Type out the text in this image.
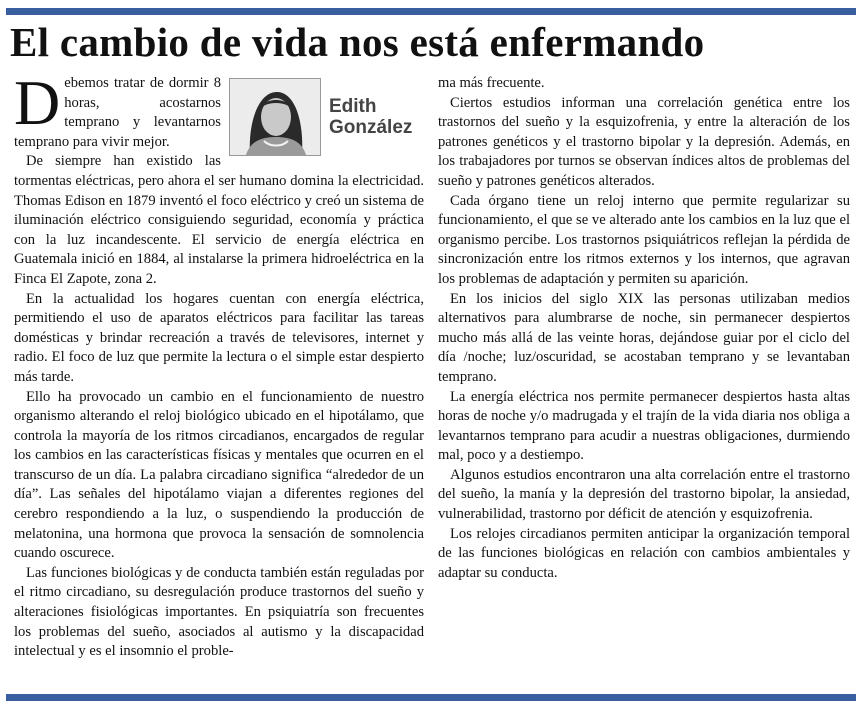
El cambio de vida nos está enfermando
Edith
González

Debemos tratar de dormir 8 horas, acostarnos temprano y levantarnos temprano para vivir mejor.

De siempre han existido las tormentas eléctricas, pero ahora el ser humano domina la electricidad. Thomas Edison en 1879 inventó el foco eléctrico y creó un sistema de iluminación eléctrico consiguiendo seguridad, economía y práctica con la luz incandescente. El servicio de energía eléctrica en Guatemala inició en 1884, al instalarse la primera hidroeléctrica en la Finca El Zapote, zona 2.

En la actualidad los hogares cuentan con energía eléctrica, permitiendo el uso de aparatos eléctricos para facilitar las tareas domésticas y brindar recreación a través de televisores, internet y radio. El foco de luz que permite la lectura o el simple estar despierto más tarde.

Ello ha provocado un cambio en el funcionamiento de nuestro organismo alterando el reloj biológico ubicado en el hipotálamo, que controla la mayoría de los ritmos circadianos, encargados de regular los cambios en las características físicas y mentales que ocurren en el transcurso de un día. La palabra circadiano significa “alrededor de un día”. Las señales del hipotálamo viajan a diferentes regiones del cerebro respondiendo a la luz, o suspendiendo la producción de melatonina, una hormona que provoca la sensación de somnolencia cuando oscurece.

Las funciones biológicas y de conducta también están reguladas por el ritmo circadiano, su desregulación produce trastornos del sueño y alteraciones fisiológicas importantes. En psiquiatría son frecuentes los problemas del sueño, asociados al autismo y la discapacidad intelectual y es el insomnio el proble-

ma más frecuente.

Ciertos estudios informan una correlación genética entre los trastornos del sueño y la esquizofrenia, y entre la alteración de los patrones genéticos y el trastorno bipolar y la depresión. Además, en los trabajadores por turnos se observan índices altos de problemas del sueño y patrones genéticos alterados.

Cada órgano tiene un reloj interno que permite regularizar su funcionamiento, el que se ve alterado ante los cambios en la luz que el organismo percibe. Los trastornos psiquiátricos reflejan la pérdida de sincronización entre los ritmos externos y los internos, que agravan los problemas de adaptación y permiten su aparición.

En los inicios del siglo XIX las personas utilizaban medios alternativos para alumbrarse de noche, sin permanecer despiertos mucho más allá de las veinte horas, dejándose guiar por el ciclo del día /noche; luz/oscuridad, se acostaban temprano y se levantaban temprano.

La energía eléctrica nos permite permanecer despiertos hasta altas horas de noche y/o madrugada y el trajín de la vida diaria nos obliga a levantarnos temprano para acudir a nuestras obligaciones, durmiendo mal, poco y a destiempo.

Algunos estudios encontraron una alta correlación entre el trastorno del sueño, la manía y la depresión del trastorno bipolar, la ansiedad, vulnerabilidad, trastorno por déficit de atención y esquizofrenia.

Los relojes circadianos permiten anticipar la organización temporal de las funciones biológicas en relación con cambios ambientales y adaptar su conducta.
